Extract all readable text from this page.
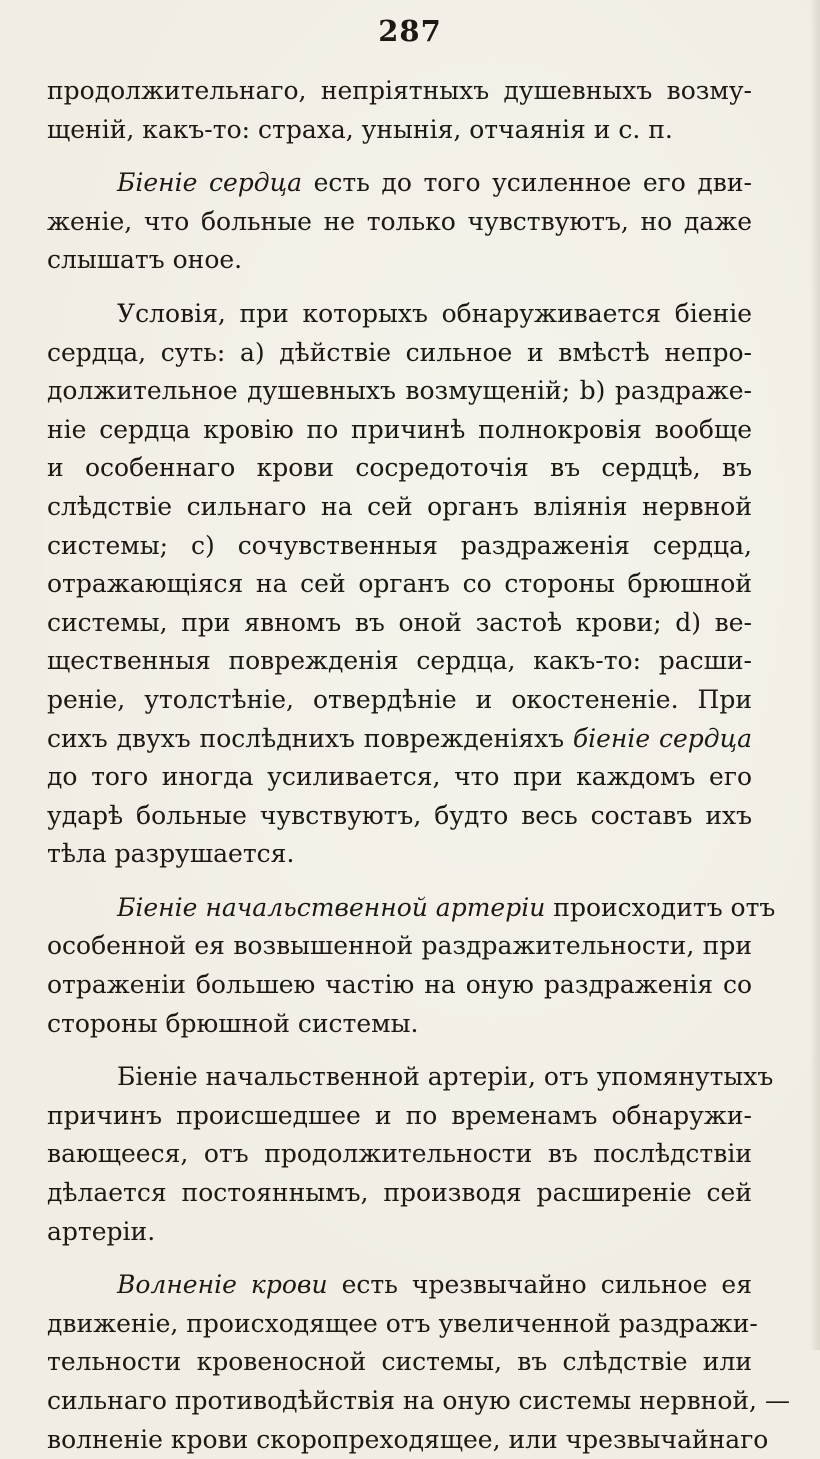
287
продолжительнаго, непріятныхъ душевныхъ возму-
щеній, какъ-то: страха, унынія, отчаянія и с. п.
Біеніе сердца есть до того усиленное его дви-
женіе, что больные не только чувствуютъ, но даже
слышатъ оное.
Условія, при которыхъ обнаруживается біеніе
сердца, суть: a) дѣйствіе сильное и вмѣстѣ непро-
должительное душевныхъ возмущеній; b) раздраже-
ніе сердца кровію по причинѣ полнокровія вообще
и особеннаго крови сосредоточія въ сердцѣ, въ
слѣдствіе сильнаго на сей органъ вліянія нервной
системы; c) сочувственныя раздраженія сердца,
отражающіяся на сей органъ со стороны брюшной
системы, при явномъ въ оной застоѣ крови; d) ве-
щественныя поврежденія сердца, какъ-то: расши-
реніе, утолстѣніе, отвердѣніе и окостененіе. При
сихъ двухъ послѣднихъ поврежденіяхъ біеніе сердца
до того иногда усиливается, что при каждомъ его
ударѣ больные чувствуютъ, будто весь составъ ихъ
тѣла разрушается.
Біеніе начальственной артеріи происходитъ отъ
особенной ея возвышенной раздражительности, при
отраженіи большею частію на оную раздраженія со
стороны брюшной системы.
Біеніе начальственной артеріи, отъ упомянутыхъ
причинъ происшедшее и по временамъ обнаружи-
вающееся, отъ продолжительности въ послѣдствіи
дѣлается постояннымъ, производя расширеніе сей
артеріи.
Волненіе крови есть чрезвычайно сильное ея
движеніе, происходящее отъ увеличенной раздражи-
тельности кровеносной системы, въ слѣдствіе или
сильнаго противодѣйствія на оную системы нервной, —
волненіе крови скоропреходящее, или чрезвычайнаго
